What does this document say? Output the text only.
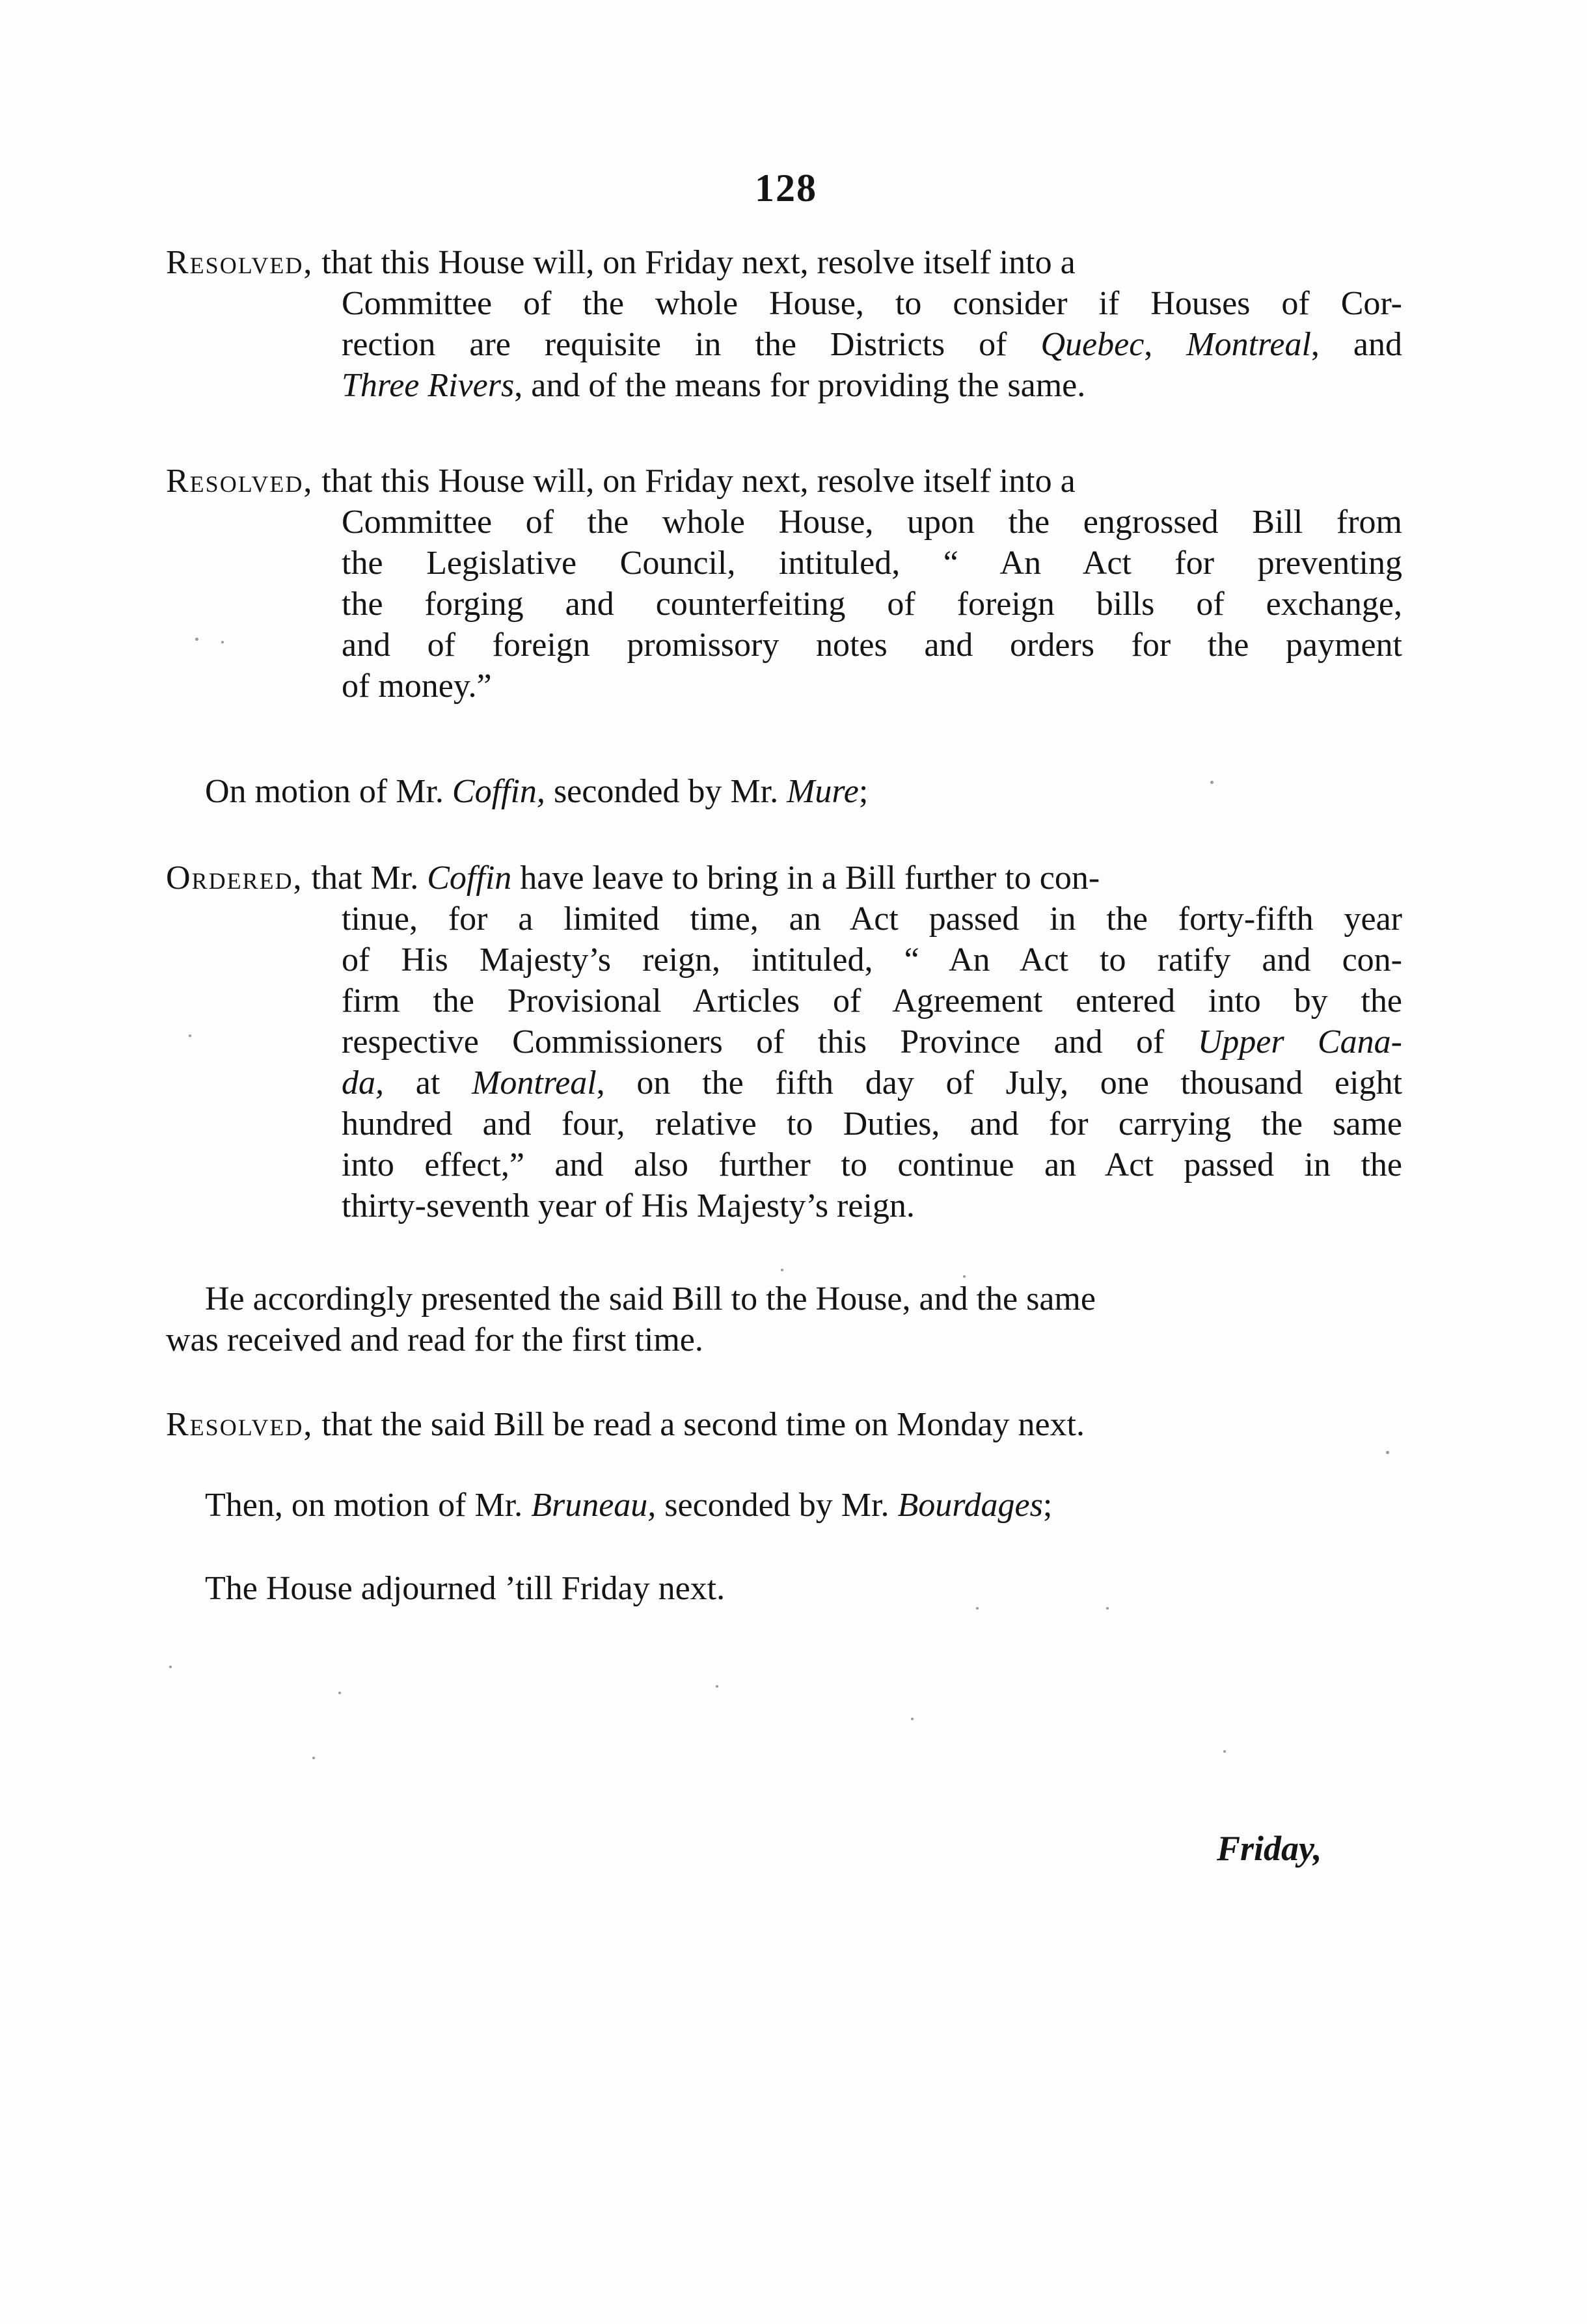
128
Resolved, that this House will, on Friday next, resolve itself into a
Committee of the whole House, to consider if Houses of Cor-
rection are requisite in the Districts of Quebec, Montreal, and
Three Rivers, and of the means for providing the same.
Resolved, that this House will, on Friday next, resolve itself into a
Committee of the whole House, upon the engrossed Bill from
the Legislative Council, intituled, “ An Act for preventing
the forging and counterfeiting of foreign bills of exchange,
and of foreign promissory notes and orders for the payment
of money.”
On motion of Mr. Coffin, seconded by Mr. Mure;
Ordered, that Mr. Coffin have leave to bring in a Bill further to con-
tinue, for a limited time, an Act passed in the forty-fifth year
of His Majesty’s reign, intituled, “ An Act to ratify and con-
firm the Provisional Articles of Agreement entered into by the
respective Commissioners of this Province and of Upper Cana-
da, at Montreal, on the fifth day of July, one thousand eight
hundred and four, relative to Duties, and for carrying the same
into effect,” and also further to continue an Act passed in the
thirty-seventh year of His Majesty’s reign.
He accordingly presented the said Bill to the House, and the same
was received and read for the first time.
Resolved, that the said Bill be read a second time on Monday next.
Then, on motion of Mr. Bruneau, seconded by Mr. Bourdages;
The House adjourned ’till Friday next.
Friday,
